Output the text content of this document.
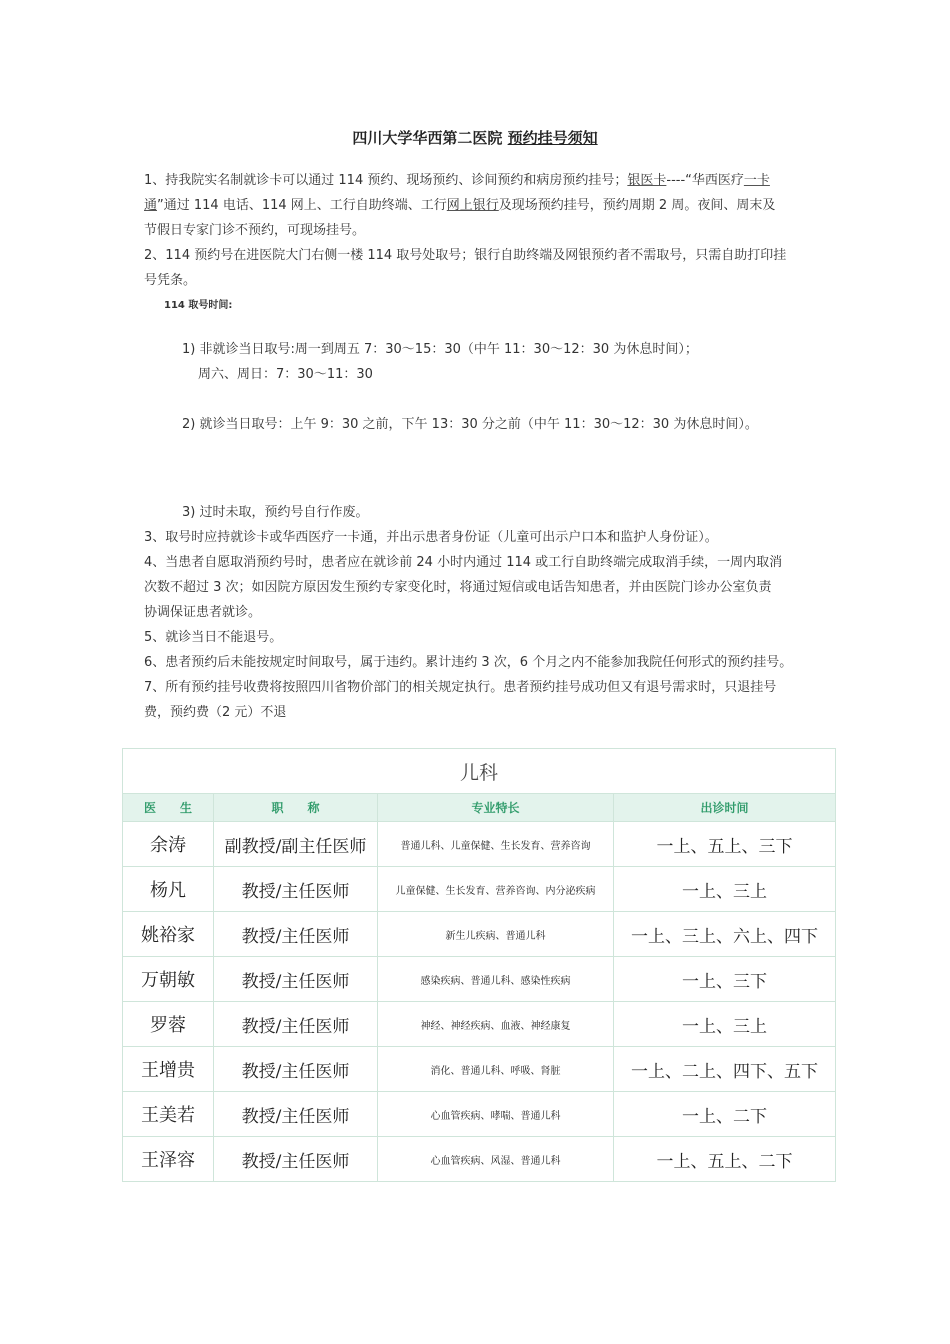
四川大学华西第二医院 预约挂号须知
1、持我院实名制就诊卡可以通过 114 预约、现场预约、诊间预约和病房预约挂号；银医卡----“华西医疗一卡
通”通过 114 电话、114 网上、工行自助终端、工行网上银行及现场预约挂号，预约周期 2 周。夜间、周末及
节假日专家门诊不预约，可现场挂号。
2、114 预约号在进医院大门右侧一楼 114 取号处取号；银行自助终端及网银预约者不需取号，只需自助打印挂
号凭条。
114 取号时间:
1) 非就诊当日取号:周一到周五 7：30～15：30（中午 11：30～12：30 为休息时间）；
周六、周日：7：30～11：30
2) 就诊当日取号：上午 9：30 之前，下午 13：30 分之前（中午 11：30～12：30 为休息时间）。
3) 过时未取，预约号自行作废。
3、取号时应持就诊卡或华西医疗一卡通，并出示患者身份证（儿童可出示户口本和监护人身份证）。
4、当患者自愿取消预约号时，患者应在就诊前 24 小时内通过 114 或工行自助终端完成取消手续，一周内取消
次数不超过 3 次；如因院方原因发生预约专家变化时，将通过短信或电话告知患者，并由医院门诊办公室负责
协调保证患者就诊。
5、就诊当日不能退号。
6、患者预约后未能按规定时间取号，属于违约。累计违约 3 次，6 个月之内不能参加我院任何形式的预约挂号。
7、所有预约挂号收费将按照四川省物价部门的相关规定执行。患者预约挂号成功但又有退号需求时，只退挂号
费，预约费（2 元）不退
儿科			
医　　生	职　　称	专业特长	出诊时间
余涛	副教授/副主任医师	普通儿科、儿童保健、生长发育、营养咨询	一上、五上、三下
杨凡	教授/主任医师	儿童保健、生长发育、营养咨询、内分泌疾病	一上、三上
姚裕家	教授/主任医师	新生儿疾病、普通儿科	一上、三上、六上、四下
万朝敏	教授/主任医师	感染疾病、普通儿科、感染性疾病	一上、三下
罗蓉	教授/主任医师	神经、神经疾病、血液、神经康复	一上、三上
王增贵	教授/主任医师	消化、普通儿科、呼吸、肾脏	一上、二上、四下、五下
王美若	教授/主任医师	心血管疾病、哮喘、普通儿科	一上、二下
王泽容	教授/主任医师	心血管疾病、风湿、普通儿科	一上、五上、二下
